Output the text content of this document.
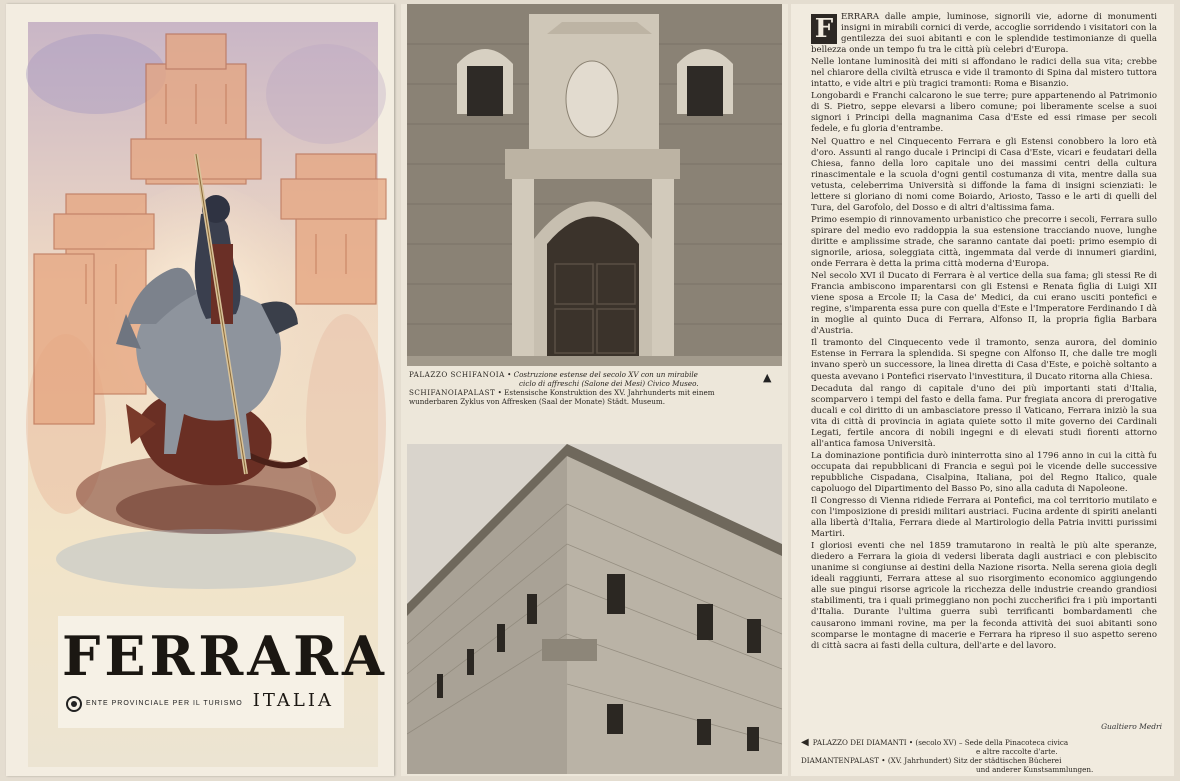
FERRARA
ENTE PROVINCIALE PER IL TURISMO ITALIA
PALAZZO SCHIFANOIA • Costruzione estense del secolo XV con un mirabile
ciclo di affreschi (Salone dei Mesi) Civico Museo.
SCHIFANOIAPALAST • Estensische Konstruktion des XV. Jahrhunderts mit einem
wunderbaren Zyklus von Affresken (Saal der Monate) Städt. Museum.
▲

F ERRARA dalle ampie, luminose, signorili vie, adorne di monumenti insigni in mirabili cornici di verde, accoglie sorridendo i visitatori con la gentilezza dei suoi abitanti e con le splendide testimonianze di quella bellezza onde un tempo fu tra le città più celebri d'Europa.

Nelle lontane luminosità dei miti si affondano le radici della sua vita; crebbe nel chiarore della civiltà etrusca e vide il tramonto di Spina dal mistero tuttora intatto, e vide altri e più tragici tramonti: Roma e Bisanzio.

Longobardi e Franchi calcarono le sue terre; pure appartenendo al Patrimonio di S. Pietro, seppe elevarsi a libero comune; poi liberamente scelse a suoi signori i Principi della magnanima Casa d'Este ed essi rimase per secoli fedele, e fu gloria d'entrambe.

Nel Quattro e nel Cinquecento Ferrara e gli Estensi conobbero la loro età d'oro. Assunti al rango ducale i Principi di Casa d'Este, vicari e feudatari della Chiesa, fanno della loro capitale uno dei massimi centri della cultura rinascimentale e la scuola d'ogni gentil costumanza di vita, mentre dalla sua vetusta, celeberrima Università si diffonde la fama di insigni scienziati: le lettere si gloriano di nomi come Boiardo, Ariosto, Tasso e le arti di quelli del Tura, del Garofolo, del Dosso e di altri d'altissima fama.

Primo esempio di rinnovamento urbanistico che precorre i secoli, Ferrara sullo spirare del medio evo raddoppia la sua estensione tracciando nuove, lunghe diritte e amplissime strade, che saranno cantate dai poeti: primo esempio di signorile, ariosa, soleggiata città, ingemmata dal verde di innumeri giardini, onde Ferrara è detta la prima città moderna d'Europa.

Nel secolo XVI il Ducato di Ferrara è al vertice della sua fama; gli stessi Re di Francia ambiscono imparentarsi con gli Estensi e Renata figlia di Luigi XII viene sposa a Ercole II; la Casa de' Medici, da cui erano usciti pontefici e regine, s'imparenta essa pure con quella d'Este e l'Imperatore Ferdinando I dà in moglie al quinto Duca di Ferrara, Alfonso II, la propria figlia Barbara d'Austria.

Il tramonto del Cinquecento vede il tramonto, senza aurora, del dominio Estense in Ferrara la splendida. Si spegne con Alfonso II, che dalle tre mogli invano sperò un successore, la linea diretta di Casa d'Este, e poichè soltanto a questa avevano i Pontefici riservato l'investitura, il Ducato ritorna alla Chiesa.

Decaduta dal rango di capitale d'uno dei più importanti stati d'Italia, scomparvero i tempi del fasto e della fama. Pur fregiata ancora di prerogative ducali e col diritto di un ambasciatore presso il Vaticano, Ferrara iniziò la sua vita di città di provincia in agiata quiete sotto il mite governo dei Cardinali Legati, fertile ancora di nobili ingegni e di elevati studi fiorenti attorno all'antica famosa Università.

La dominazione pontificia durò ininterrotta sino al 1796 anno in cui la città fu occupata dai repubblicani di Francia e seguì poi le vicende delle successive repubbliche Cispadana, Cisalpina, Italiana, poi del Regno Italico, quale capoluogo del Dipartimento del Basso Po, sino alla caduta di Napoleone.

Il Congresso di Vienna ridiede Ferrara ai Pontefici, ma col territorio mutilato e con l'imposizione di presidi militari austriaci. Fucina ardente di spiriti anelanti alla libertà d'Italia, Ferrara diede al Martirologio della Patria invitti purissimi Martiri.

I gloriosi eventi che nel 1859 tramutarono in realtà le più alte speranze, diedero a Ferrara la gioia di vedersi liberata dagli austriaci e con plebiscito unanime si congiunse ai destini della Nazione risorta. Nella serena gioia degli ideali raggiunti, Ferrara attese al suo risorgimento economico aggiungendo alle sue pingui risorse agricole la ricchezza delle industrie creando grandiosi stabilimenti, tra i quali primeggiano non pochi zuccherifici fra i più importanti d'Italia. Durante l'ultima guerra subì terrificanti bombardamenti che causarono immani rovine, ma per la feconda attività dei suoi abitanti sono scomparse le montagne di macerie e Ferrara ha ripreso il suo aspetto sereno di città sacra ai fasti della cultura, dell'arte e del lavoro.

Gualtiero Medri
◀ PALAZZO DEI DIAMANTI • (secolo XV) – Sede della Pinacoteca civica
e altre raccolte d'arte.
DIAMANTENPALAST • (XV. Jahrhundert) Sitz der städtischen Bücherei
und anderer Kunstsammlungen.
